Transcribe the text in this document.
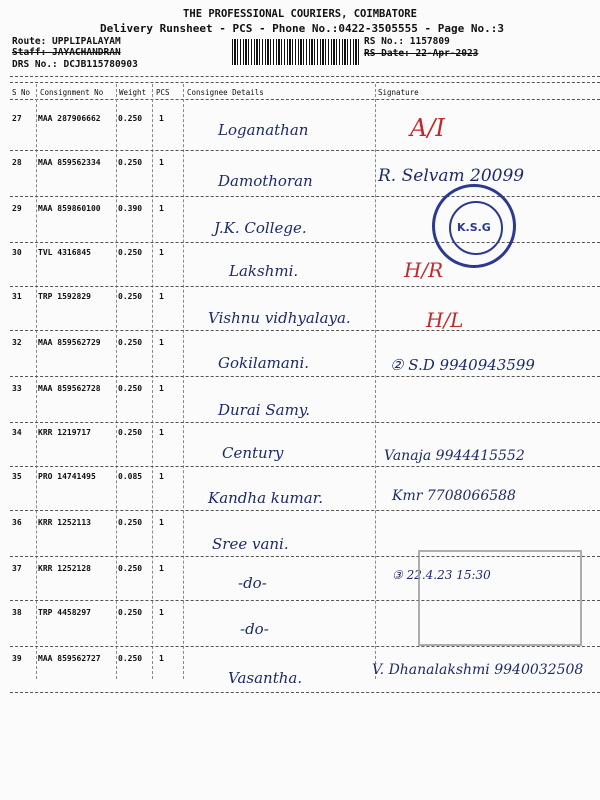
THE PROFESSIONAL COURIERS, COIMBATORE
Delivery Runsheet - PCS - Phone No.:0422-3505555 - Page No.:3
Route: UPPLIPALAYAM
Staff: JAYACHANDRAN
DRS No.: DCJB115780903
RS No.: 1157809
RS Date: 22-Apr-2023
S No Consignment No Weight PCS Consignee Details	Signature
27 MAA 287906662 0.250 1
Loganathan	A/I
28 MAA 859562334 0.250 1
Damothoran	R. Selvam 20099
29 MAA 859860100 0.390 1
J.K. College.
30 TVL 4316845	0.250 1
Lakshmi.	H/R
31 TRP 1592829	0.250 1
Vishnu vidhyalaya.	H/L
32 MAA 859562729 0.250 1
Gokilamani.	② S.D 9940943599
33 MAA 859562728 0.250 1
Durai Samy.
34 KRR 1219717	0.250 1
Century	Vanaja 9944415552
35 PRO 14741495	0.085 1
Kandha kumar.	Kmr 7708066588
36 KRR 1252113	0.250 1
Sree vani.
37 KRR 1252128	0.250 1
-do-	③ 22.4.23 15:30
38 TRP 4458297	0.250 1
-do-
39 MAA 859562727 0.250 1
Vasantha.	V. Dhanalakshmi 9940032508
K.S.G
